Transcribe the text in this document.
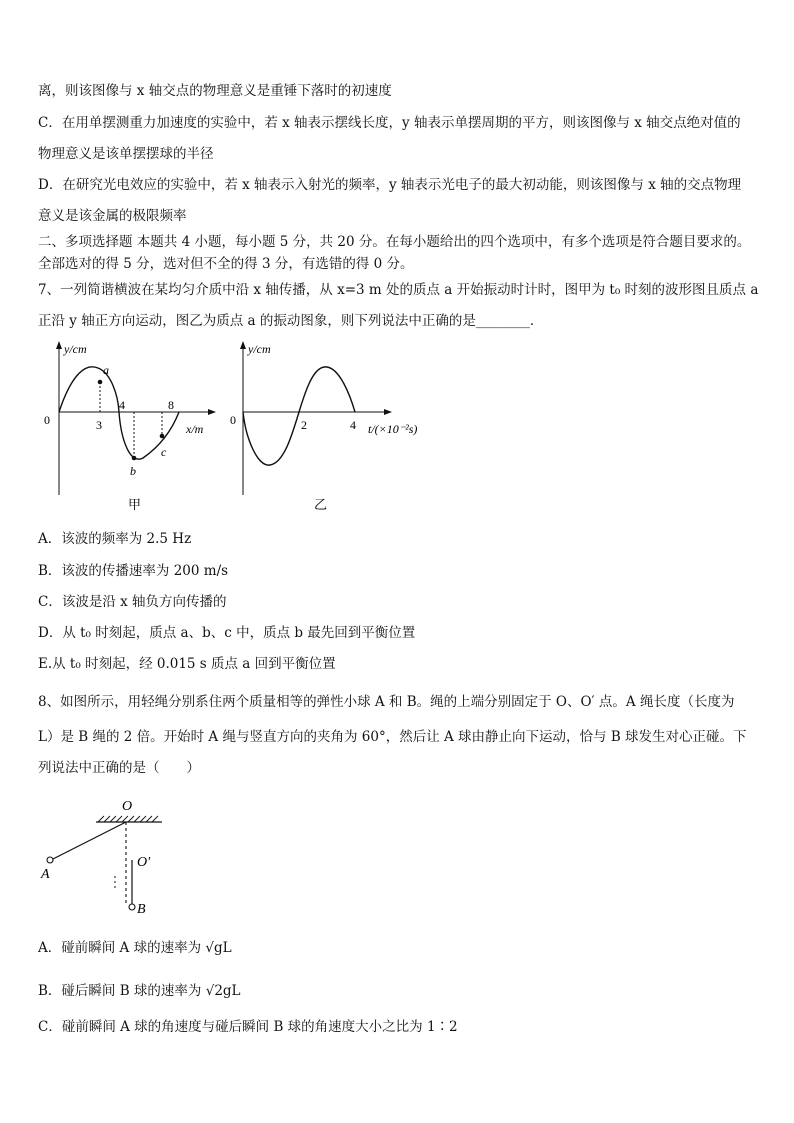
离，则该图像与 x 轴交点的物理意义是重锤下落时的初速度
C．在用单摆测重力加速度的实验中，若 x 轴表示摆线长度，y 轴表示单摆周期的平方，则该图像与 x 轴交点绝对值的
物理意义是该单摆摆球的半径
D．在研究光电效应的实验中，若 x 轴表示入射光的频率，y 轴表示光电子的最大初动能，则该图像与 x 轴的交点物理
意义是该金属的极限频率
二、多项选择题 本题共 4 小题，每小题 5 分，共 20 分。在每小题给出的四个选项中，有多个选项是符合题目要求的。
全部选对的得 5 分，选对但不全的得 3 分，有选错的得 0 分。
7、一列简谐横波在某均匀介质中沿 x 轴传播，从 x=3 m 处的质点 a 开始振动时计时，图甲为 t₀ 时刻的波形图且质点 a
正沿 y 轴正方向运动，图乙为质点 a 的振动图象，则下列说法中正确的是________．
y/cm
0	3
4	8
x/m
a
b
c
甲
y/cm
0	2	4 t/(×10⁻²s)
乙
A．该波的频率为 2.5 Hz
B．该波的传播速率为 200 m/s
C．该波是沿 x 轴负方向传播的
D．从 t₀ 时刻起，质点 a、b、c 中，质点 b 最先回到平衡位置
E.从 t₀ 时刻起，经 0.015 s 质点 a 回到平衡位置
8、如图所示，用轻绳分别系住两个质量相等的弹性小球 A 和 B。绳的上端分别固定于 O、O′ 点。A 绳长度（长度为
L）是 B 绳的 2 倍。开始时 A 绳与竖直方向的夹角为 60°，然后让 A 球由静止向下运动，恰与 B 球发生对心正碰。下
列说法中正确的是（　　）
O
O′
A
B
A．碰前瞬间 A 球的速率为 √gL
B．碰后瞬间 B 球的速率为 √2gL
C．碰前瞬间 A 球的角速度与碰后瞬间 B 球的角速度大小之比为 1∶2
